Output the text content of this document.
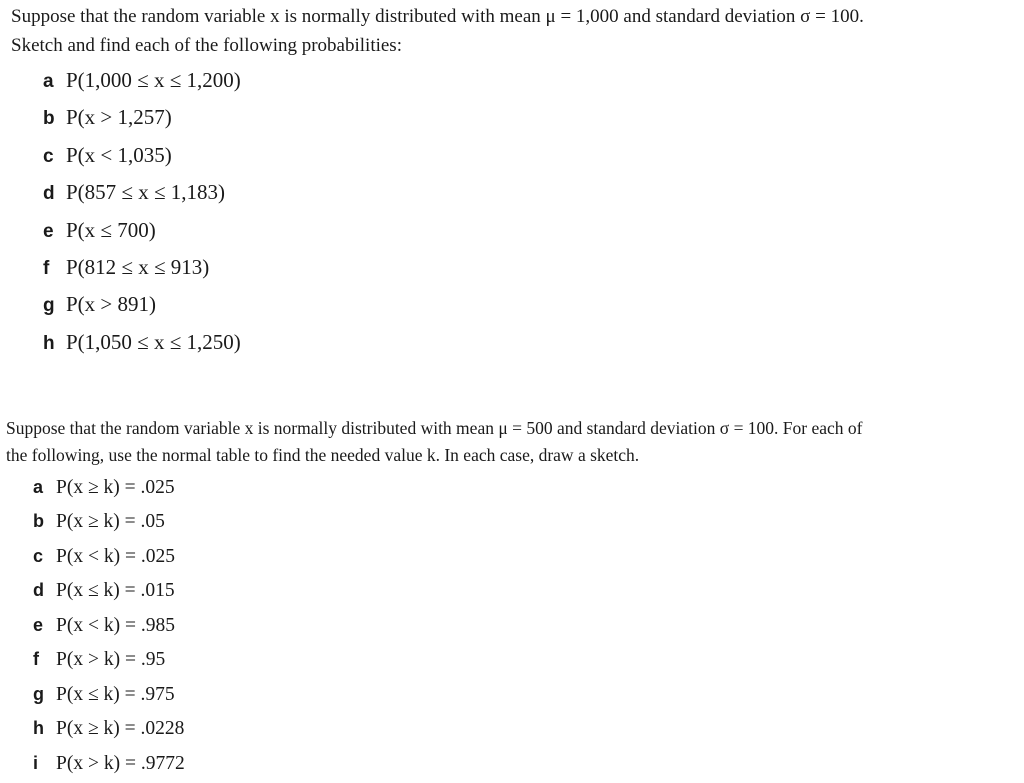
Suppose that the random variable x is normally distributed with mean μ = 1,000 and standard deviation σ = 100.
Sketch and find each of the following probabilities:
a P(1,000 ≤ x ≤ 1,200)
b P(x > 1,257)
c P(x < 1,035)
d P(857 ≤ x ≤ 1,183)
e P(x ≤ 700)
f P(812 ≤ x ≤ 913)
g P(x > 891)
h P(1,050 ≤ x ≤ 1,250)
Suppose that the random variable x is normally distributed with mean μ = 500 and standard deviation σ = 100. For each of
the following, use the normal table to find the needed value k. In each case, draw a sketch.
a P(x ≥ k) = .025
b P(x ≥ k) = .05
c P(x < k) = .025
d P(x ≤ k) = .015
e P(x < k) = .985
f P(x > k) = .95
g P(x ≤ k) = .975
h P(x ≥ k) = .0228
i P(x > k) = .9772
